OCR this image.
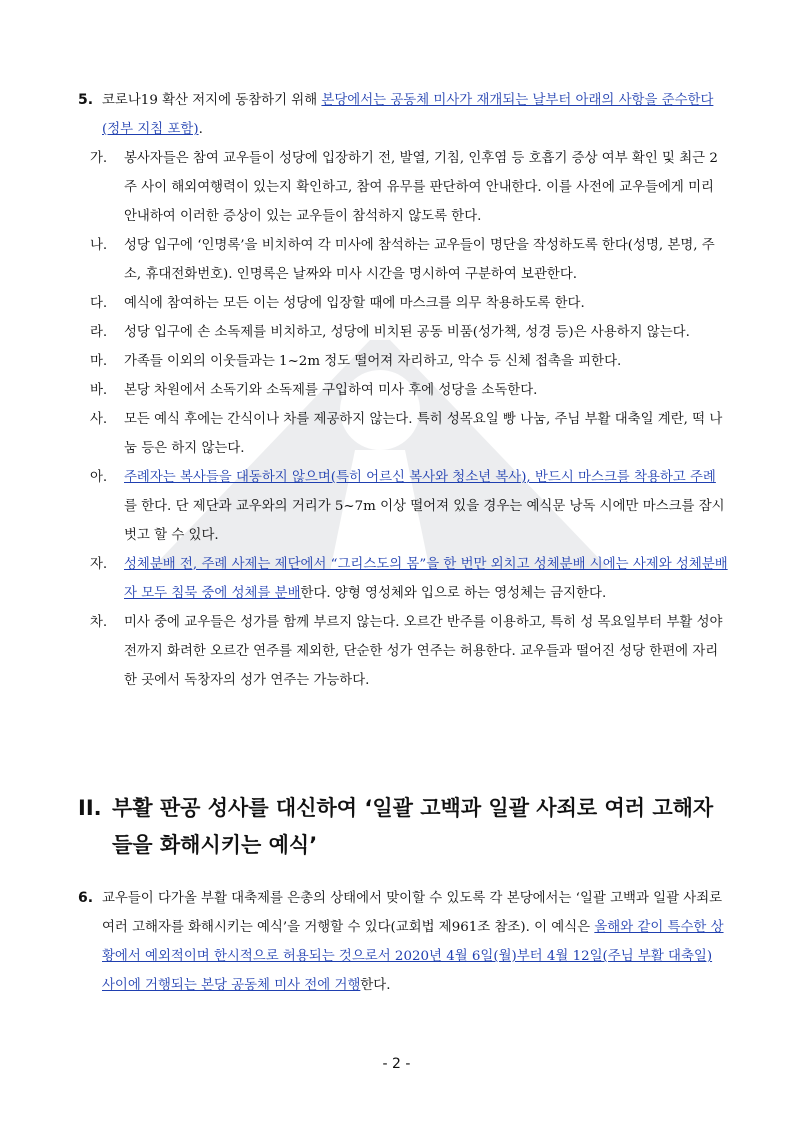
5. 코로나19 확산 저지에 동참하기 위해 본당에서는 공동체 미사가 재개되는 날부터 아래의 사항을 준수한다(정부 지침 포함).
가. 봉사자들은 참여 교우들이 성당에 입장하기 전, 발열, 기침, 인후염 등 호흡기 증상 여부 확인 및 최근 2주 사이 해외여행력이 있는지 확인하고, 참여 유무를 판단하여 안내한다. 이를 사전에 교우들에게 미리 안내하여 이러한 증상이 있는 교우들이 참석하지 않도록 한다.
나. 성당 입구에 ‘인명록’을 비치하여 각 미사에 참석하는 교우들이 명단을 작성하도록 한다(성명, 본명, 주소, 휴대전화번호). 인명록은 날짜와 미사 시간을 명시하여 구분하여 보관한다.
다. 예식에 참여하는 모든 이는 성당에 입장할 때에 마스크를 의무 착용하도록 한다.
라. 성당 입구에 손 소독제를 비치하고, 성당에 비치된 공동 비품(성가책, 성경 등)은 사용하지 않는다.
마. 가족들 이외의 이웃들과는 1~2m 정도 떨어져 자리하고, 악수 등 신체 접촉을 피한다.
바. 본당 차원에서 소독기와 소독제를 구입하여 미사 후에 성당을 소독한다.
사. 모든 예식 후에는 간식이나 차를 제공하지 않는다. 특히 성목요일 빵 나눔, 주님 부활 대축일 계란, 떡 나눔 등은 하지 않는다.
아. 주례자는 복사들을 대동하지 않으며(특히 어르신 복사와 청소년 복사), 반드시 마스크를 착용하고 주례를 한다. 단 제단과 교우와의 거리가 5~7m 이상 떨어져 있을 경우는 예식문 낭독 시에만 마스크를 잠시 벗고 할 수 있다.
자. 성체분배 전, 주례 사제는 제단에서 “그리스도의 몸”을 한 번만 외치고 성체분배 시에는 사제와 성체분배자 모두 침묵 중에 성체를 분배한다. 양형 영성체와 입으로 하는 영성체는 금지한다.
차. 미사 중에 교우들은 성가를 함께 부르지 않는다. 오르간 반주를 이용하고, 특히 성 목요일부터 부활 성야 전까지 화려한 오르간 연주를 제외한, 단순한 성가 연주는 허용한다. 교우들과 떨어진 성당 한편에 자리한 곳에서 독창자의 성가 연주는 가능하다.
II. 부활 판공 성사를 대신하여 ‘일괄 고백과 일괄 사죄로 여러 고해자들을 화해시키는 예식’
6. 교우들이 다가올 부활 대축제를 은총의 상태에서 맞이할 수 있도록 각 본당에서는 ‘일괄 고백과 일괄 사죄로 여러 고해자를 화해시키는 예식’을 거행할 수 있다(교회법 제961조 참조). 이 예식은 올해와 같이 특수한 상황에서 예외적이며 한시적으로 허용되는 것으로서 2020년 4월 6일(월)부터 4월 12일(주님 부활 대축일) 사이에 거행되는 본당 공동체 미사 전에 거행한다.
- 2 -
